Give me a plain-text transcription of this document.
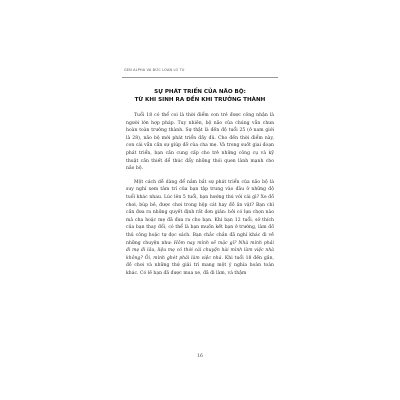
GEN ALPHA VÀ BỨC LOAN LO TU
SỰ PHÁT TRIỂN CỦA NÃO BỘ:
TỪ KHI SINH RA ĐẾN KHI TRƯỞNG THÀNH

Tuổi 18 có thể coi là thời điểm con trẻ được công nhận là người lớn hợp pháp. Tuy nhiên, bộ não của chúng vẫn chưa hoàn toàn trưởng thành. Sự thật là đến độ tuổi 25 (ở nam giới là 28), não bộ mới phát triển đầy đủ. Cho đến thời điểm này, con cái vẫn cần sự giúp đỡ của cha mẹ. Và trong suốt giai đoạn phát triển, bạn cần cung cấp cho trẻ những công cụ và kỹ thuật cần thiết để thúc đẩy những thói quen lành mạnh cho não bộ.

Một cách dễ dàng để nắm bắt sự phát triển của não bộ là suy nghĩ xem tâm trí của bạn tập trung vào đâu ở những độ tuổi khác nhau. Lúc lên 5 tuổi, bạn hướng thú với cái gì? Xe đồ chơi, búp bê, được chơi trong hộp cát hay đồ ăn vặt? Bạn chỉ cần đưa ra những quyết định rất đơn giản: bởi có lựa chọn nào mà cha hoặc mẹ đã đưa ra cho bạn. Khi bạn 12 tuổi, sở thích của bạn thay đổi, có thể là bạn muốn kết bạn ở trường, làm đồ thủ công hoặc tự đọc sách. Bạn chắc chắn đã nghĩ khác đi về những chuyện như: Hôm nay mình sẽ mặc gì? Nhà mình phải đi mẹ đi lâu, liệu mẹ có thời cái chuyện hài mình làm việc nhà không? Ôi, mình ghét phải làm việc nhà. Khi tuổi 18 đến gần, đồ chơi và những thứ giải trí mang một ý nghĩa hoàn toàn khác. Có lẽ bạn đã được mua xe, đã đi làm, và thậm

16
